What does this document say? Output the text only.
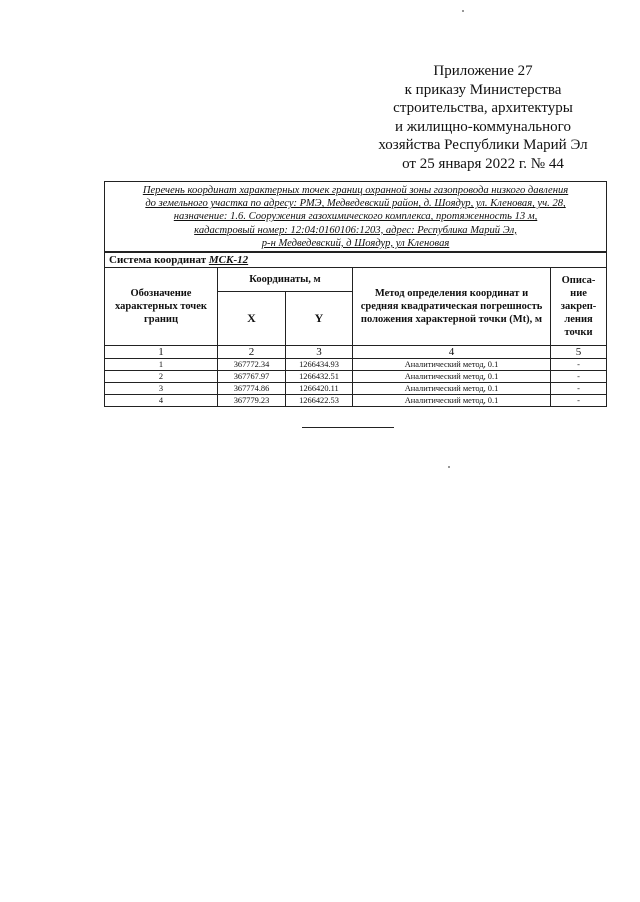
Приложение 27
к приказу Министерства
строительства, архитектуры
и жилищно-коммунального
хозяйства Республики Марий Эл
от 25 января 2022 г. № 44
Перечень координат характерных точек границ охранной зоны газопровода низкого давления
до земельного участка по адресу: РМЭ, Медведевский район, д. Шоядур, ул. Кленовая, уч. 28,
назначение: 1.6. Сооружения газохимического комплекса, протяженность 13 м,
кадастровый номер: 12:04:0160106:1203, адрес: Республика Марий Эл,
р-н Медведевский, д Шоядур, ул Кленовая				

Система координат МСК-12				
Обозначение характерных точек границ	Координаты, м		Метод определения координат и средняя квадратическая погрешность положения характерной точки (Mt), м	Описа-ние закреп-ления точки
	X	Y		
1	2	3	4	5
1	367772.34	1266434.93	Аналитический метод, 0.1	-
2	367767.97	1266432.51	Аналитический метод, 0.1	-
3	367774.86	1266420.11	Аналитический метод, 0.1	-
4	367779.23	1266422.53	Аналитический метод, 0.1	-
